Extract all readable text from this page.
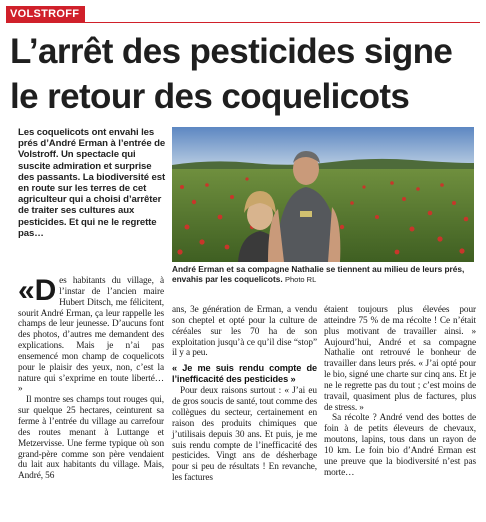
VOLSTROFF
L’arrêt des pesticides signe le retour des coquelicots
Les coquelicots ont envahi les prés d’André Erman à l’entrée de Volstroff. Un spectacle qui suscite admiration et surprise des passants. La biodiversité est en route sur les terres de cet agriculteur qui a choisi d’arrêter de traiter ses cultures aux pesticides. Et qui ne le regrette pas…
André Erman et sa compagne Nathalie se tiennent au milieu de leurs prés, envahis par les coquelicots. Photo RL

«Des habitants du village, à l’instar de l’ancien maire Hubert Ditsch, me félicitent, sourit André Erman, ça leur rappelle les champs de leur jeunesse. D’aucuns font des photos, d’autres me demandent des explications. Mais je n’ai pas ensemencé mon champ de coquelicots pour le plaisir des yeux, non, c’est la nature qui s’exprime en toute liberté… »

Il montre ses champs tout rouges qui, sur quelque 25 hectares, ceinturent sa ferme à l’entrée du village au carrefour des routes menant à Luttange et Metzervisse. Une ferme typique où son grand-père comme son père vendaient du lait aux habitants du village. Mais, André, 56

ans, 3e génération de Erman, a vendu son cheptel et opté pour la culture de céréales sur les 70 ha de son exploitation jusqu’à ce qu’il dise “stop” il y a peu.

« Je me suis rendu compte de l’inefficacité des pesticides »

Pour deux raisons surtout : « J’ai eu de gros soucis de santé, tout comme des collègues du secteur, certainement en raison des produits chimiques que j’utilisais depuis 30 ans. Et puis, je me suis rendu compte de l’inefficacité des pesticides. Vingt ans de désherbage pour si peu de résultats ! En revanche, les factures

étaient toujours plus élevées pour atteindre 75 % de ma récolte ! Ce n’était plus motivant de travailler ainsi. » Aujourd’hui, André et sa compagne Nathalie ont retrouvé le bonheur de travailler dans leurs prés. « J’ai opté pour le bio, signé une charte sur cinq ans. Et je ne le regrette pas du tout ; c’est moins de travail, quasiment plus de factures, plus de stress. »

Sa récolte ? André vend des bottes de foin à de petits éleveurs de chevaux, moutons, lapins, tous dans un rayon de 10 km. Le foin bio d’André Erman est une preuve que la biodiversité n’est pas morte…
